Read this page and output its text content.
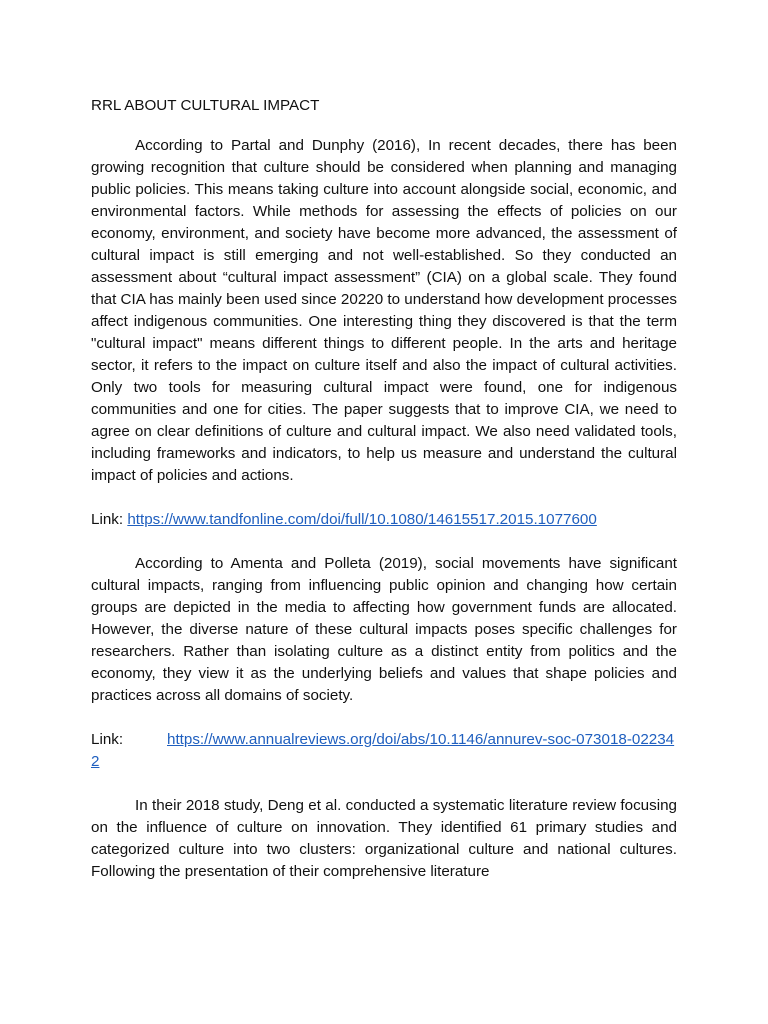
RRL ABOUT CULTURAL IMPACT

According to Partal and Dunphy (2016), In recent decades, there has been growing recognition that culture should be considered when planning and managing public policies. This means taking culture into account alongside social, economic, and environmental factors. While methods for assessing the effects of policies on our economy, environment, and society have become more advanced, the assessment of cultural impact is still emerging and not well-established. So they conducted an assessment about “cultural impact assessment” (CIA) on a global scale. They found that CIA has mainly been used since 20220 to understand how development processes affect indigenous communities. One interesting thing they discovered is that the term "cultural impact" means different things to different people. In the arts and heritage sector, it refers to the impact on culture itself and also the impact of cultural activities. Only two tools for measuring cultural impact were found, one for indigenous communities and one for cities. The paper suggests that to improve CIA, we need to agree on clear definitions of culture and cultural impact. We also need validated tools, including frameworks and indicators, to help us measure and understand the cultural impact of policies and actions.

Link: https://www.tandfonline.com/doi/full/10.1080/14615517.2015.1077600

According to Amenta and Polleta (2019), social movements have significant cultural impacts, ranging from influencing public opinion and changing how certain groups are depicted in the media to affecting how government funds are allocated. However, the diverse nature of these cultural impacts poses specific challenges for researchers. Rather than isolating culture as a distinct entity from politics and the economy, they view it as the underlying beliefs and values that shape policies and practices across all domains of society.

Link:	https://www.annualreviews.org/doi/abs/10.1146/annurev-soc-073018-022342

In their 2018 study, Deng et al. conducted a systematic literature review focusing on the influence of culture on innovation. They identified 61 primary studies and categorized culture into two clusters: organizational culture and national cultures. Following the presentation of their comprehensive literature
